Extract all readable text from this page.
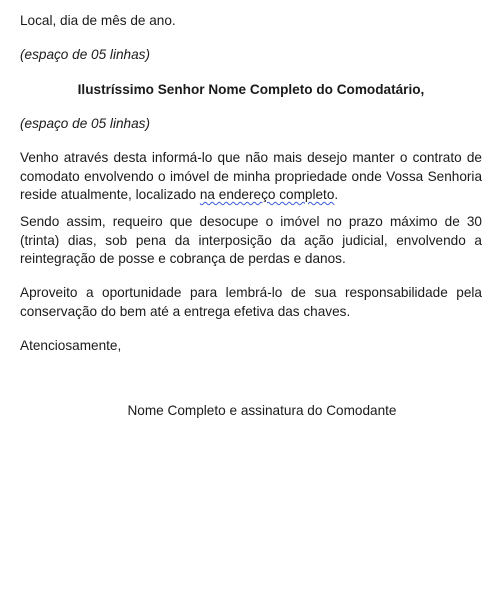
Local, dia de mês de ano.
(espaço de 05 linhas)
Ilustríssimo Senhor Nome Completo do Comodatário,
(espaço de 05 linhas)
Venho através desta informá-lo que não mais desejo manter o contrato de comodato envolvendo o imóvel de minha propriedade onde Vossa Senhoria reside atualmente, localizado na endereço completo.
Sendo assim, requeiro que desocupe o imóvel no prazo máximo de 30 (trinta) dias, sob pena da interposição da ação judicial, envolvendo a reintegração de posse e cobrança de perdas e danos.
Aproveito a oportunidade para lembrá-lo de sua responsabilidade pela conservação do bem até a entrega efetiva das chaves.
Atenciosamente,
Nome Completo e assinatura do Comodante
